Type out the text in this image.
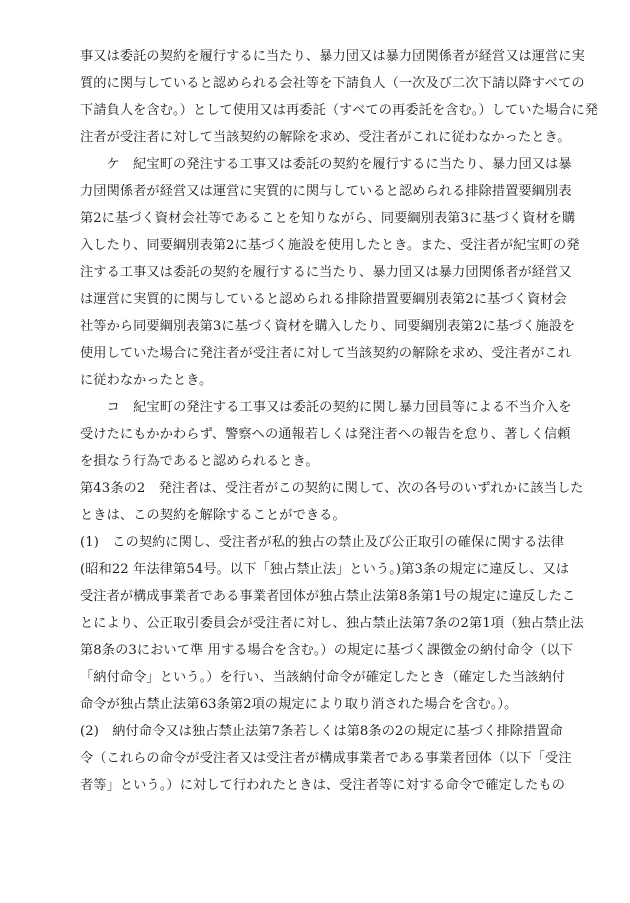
事又は委託の契約を履行するに当たり、暴力団又は暴力団関係者が経営又は運営に実
質的に関与していると認められる会社等を下請負人（一次及び二次下請以降すべての
下請負人を含む。）として使用又は再委託（すべての再委託を含む。）していた場合に発
注者が受注者に対して当該契約の解除を求め、受注者がこれに従わなかったとき。
　　ケ　紀宝町の発注する工事又は委託の契約を履行するに当たり、暴力団又は暴
力団関係者が経営又は運営に実質的に関与していると認められる排除措置要綱別表
第2に基づく資材会社等であることを知りながら、同要綱別表第3に基づく資材を購
入したり、同要綱別表第2に基づく施設を使用したとき。また、受注者が紀宝町の発
注する工事又は委託の契約を履行するに当たり、暴力団又は暴力団関係者が経営又
は運営に実質的に関与していると認められる排除措置要綱別表第2に基づく資材会
社等から同要綱別表第3に基づく資材を購入したり、同要綱別表第2に基づく施設を
使用していた場合に発注者が受注者に対して当該契約の解除を求め、受注者がこれ
に従わなかったとき。
　　コ　紀宝町の発注する工事又は委託の契約に関し暴力団員等による不当介入を
受けたにもかかわらず、警察への通報若しくは発注者への報告を怠り、著しく信頼
を損なう行為であると認められるとき。
第43条の2　発注者は、受注者がこの契約に関して、次の各号のいずれかに該当した
ときは、この契約を解除することができる。
(1)　この契約に関し、受注者が私的独占の禁止及び公正取引の確保に関する法律
(昭和22 年法律第54号。以下「独占禁止法」という。)第3条の規定に違反し、又は
受注者が構成事業者である事業者団体が独占禁止法第8条第1号の規定に違反したこ
とにより、公正取引委員会が受注者に対し、独占禁止法第7条の2第1項（独占禁止法
第8条の3において準 用する場合を含む。）の規定に基づく課徴金の納付命令（以下
「納付命令」という。）を行い、当該納付命令が確定したとき（確定した当該納付
命令が独占禁止法第63条第2項の規定により取り消された場合を含む。）。
(2)　納付命令又は独占禁止法第7条若しくは第8条の2の規定に基づく排除措置命
令（これらの命令が受注者又は受注者が構成事業者である事業者団体（以下「受注
者等」という。）に対して行われたときは、受注者等に対する命令で確定したもの
